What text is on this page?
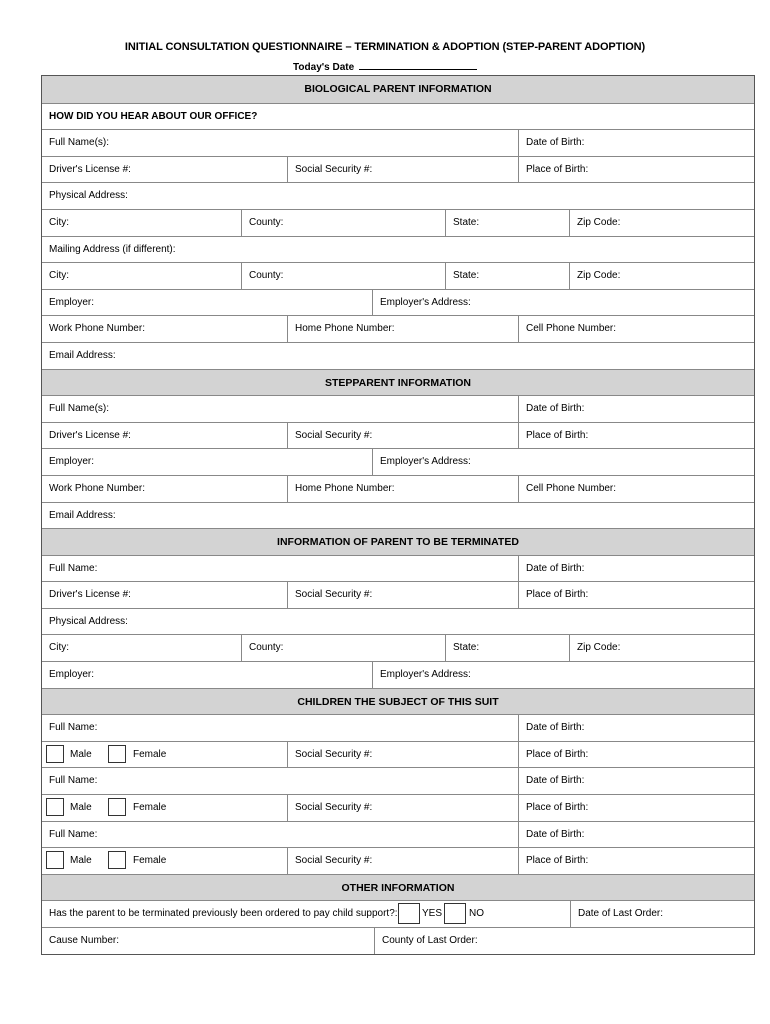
INITIAL CONSULTATION QUESTIONNAIRE – TERMINATION & ADOPTION (STEP-PARENT ADOPTION)
Today's Date
BIOLOGICAL PARENT INFORMATION
HOW DID YOU HEAR ABOUT OUR OFFICE?
Full Name(s):	Date of Birth:
Driver's License #:	Social Security #:	Place of Birth:
Physical Address:
City:	County:	State:	Zip Code:
Mailing Address (if different):
City:	County:	State:	Zip Code:
Employer:	Employer's Address:
Work Phone Number:	Home Phone Number:	Cell Phone Number:
Email Address:
STEPPARENT INFORMATION
Full Name(s):	Date of Birth:
Driver's License #:	Social Security #:	Place of Birth:
Employer:	Employer's Address:
Work Phone Number:	Home Phone Number:	Cell Phone Number:
Email Address:
INFORMATION OF PARENT TO BE TERMINATED
Full Name:	Date of Birth:
Driver's License #:	Social Security #:	Place of Birth:
Physical Address:
City:	County:	State:	Zip Code:
Employer:	Employer's Address:
CHILDREN THE SUBJECT OF THIS SUIT
Full Name:	Date of Birth:
Male	Female	Social Security #:	Place of Birth:
Full Name:	Date of Birth:
Male	Female	Social Security #:	Place of Birth:
Full Name:	Date of Birth:
Male	Female	Social Security #:	Place of Birth:
OTHER INFORMATION
Has the parent to be terminated previously been ordered to pay child support?: YES	NO	Date of Last Order:
Cause Number:	County of Last Order:
